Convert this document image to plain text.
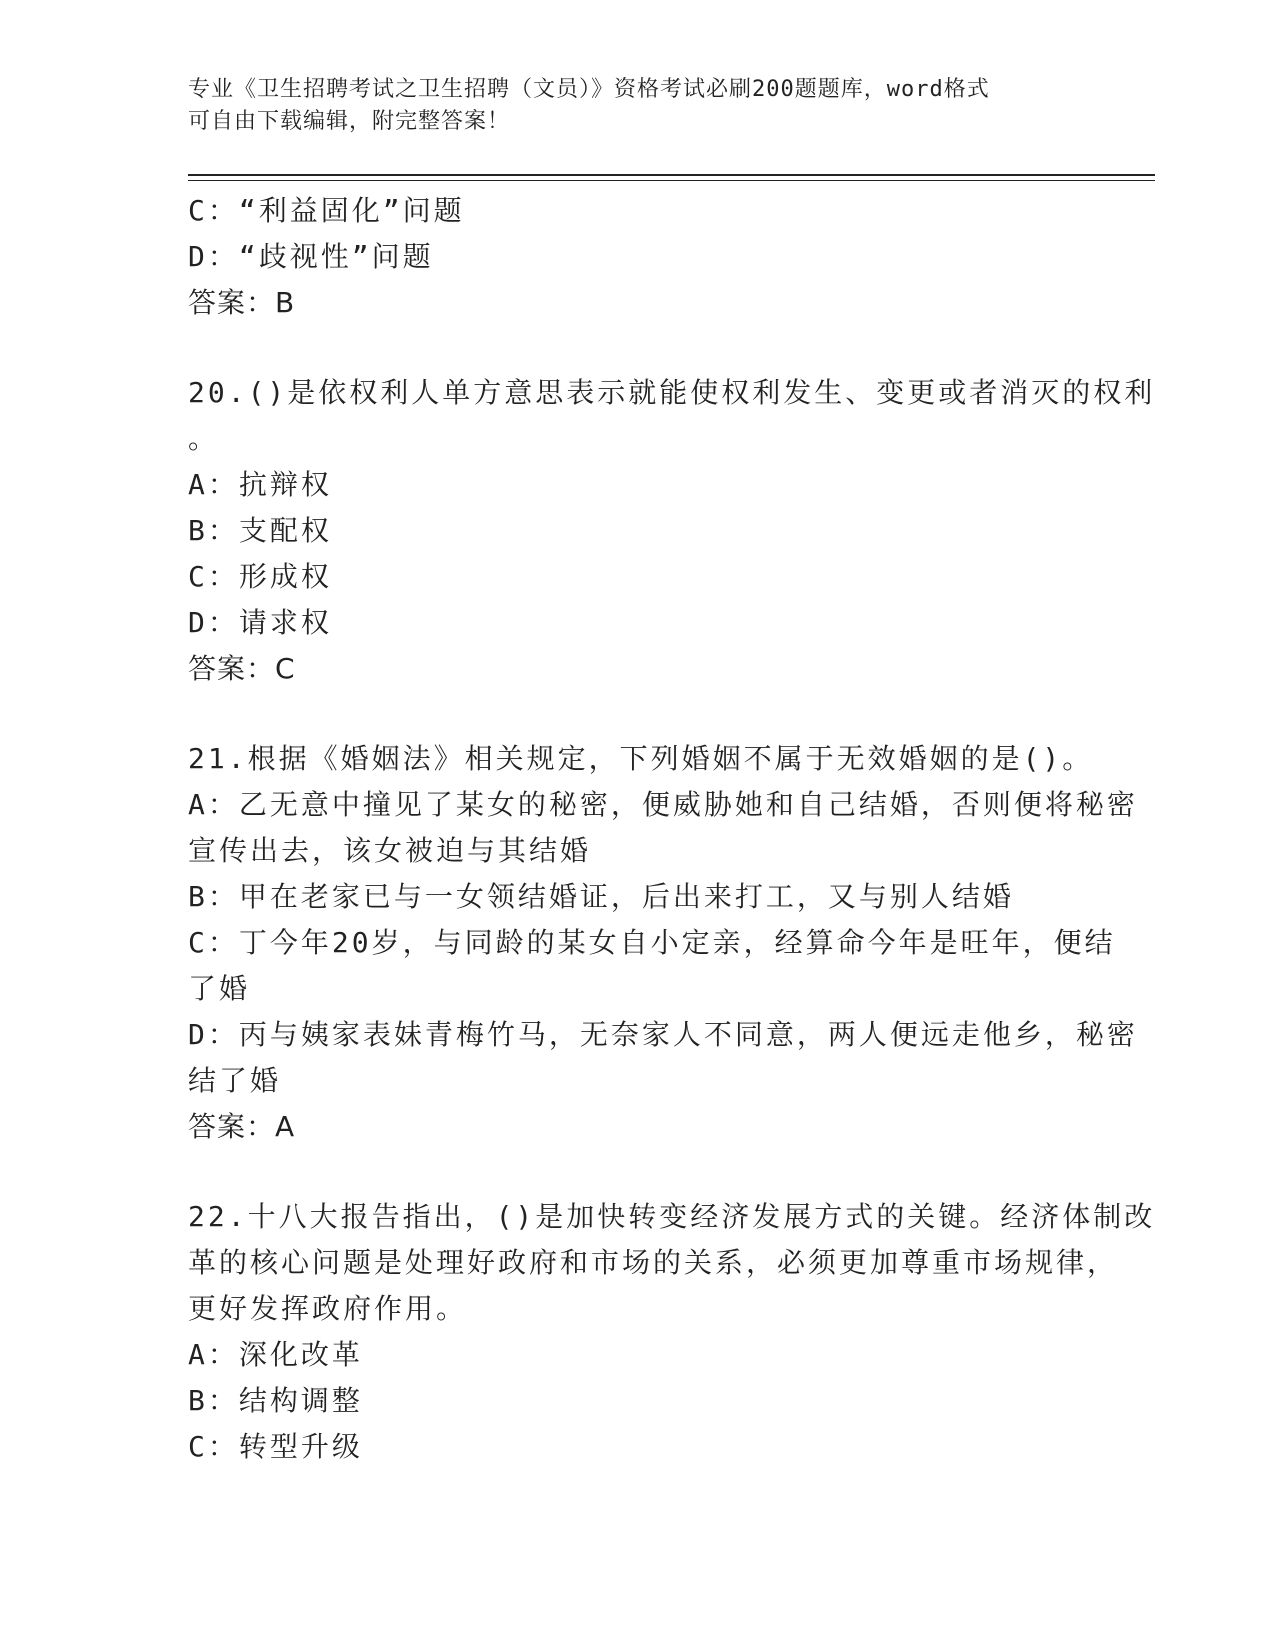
专业《卫生招聘考试之卫生招聘（文员）》资格考试必刷200题题库，word格式
可自由下载编辑，附完整答案！
C：“利益固化”问题
D：“歧视性”问题
答案：B
20.()是依权利人单方意思表示就能使权利发生、变更或者消灭的权利
。
A：抗辩权
B：支配权
C：形成权
D：请求权
答案：C
21.根据《婚姻法》相关规定，下列婚姻不属于无效婚姻的是()。
A：乙无意中撞见了某女的秘密，便威胁她和自己结婚，否则便将秘密
宣传出去，该女被迫与其结婚
B：甲在老家已与一女领结婚证，后出来打工，又与别人结婚
C：丁今年20岁，与同龄的某女自小定亲，经算命今年是旺年，便结
了婚
D：丙与姨家表妹青梅竹马，无奈家人不同意，两人便远走他乡，秘密
结了婚
答案：A
22.十八大报告指出，()是加快转变经济发展方式的关键。经济体制改
革的核心问题是处理好政府和市场的关系，必须更加尊重市场规律，
更好发挥政府作用。
A：深化改革
B：结构调整
C：转型升级
